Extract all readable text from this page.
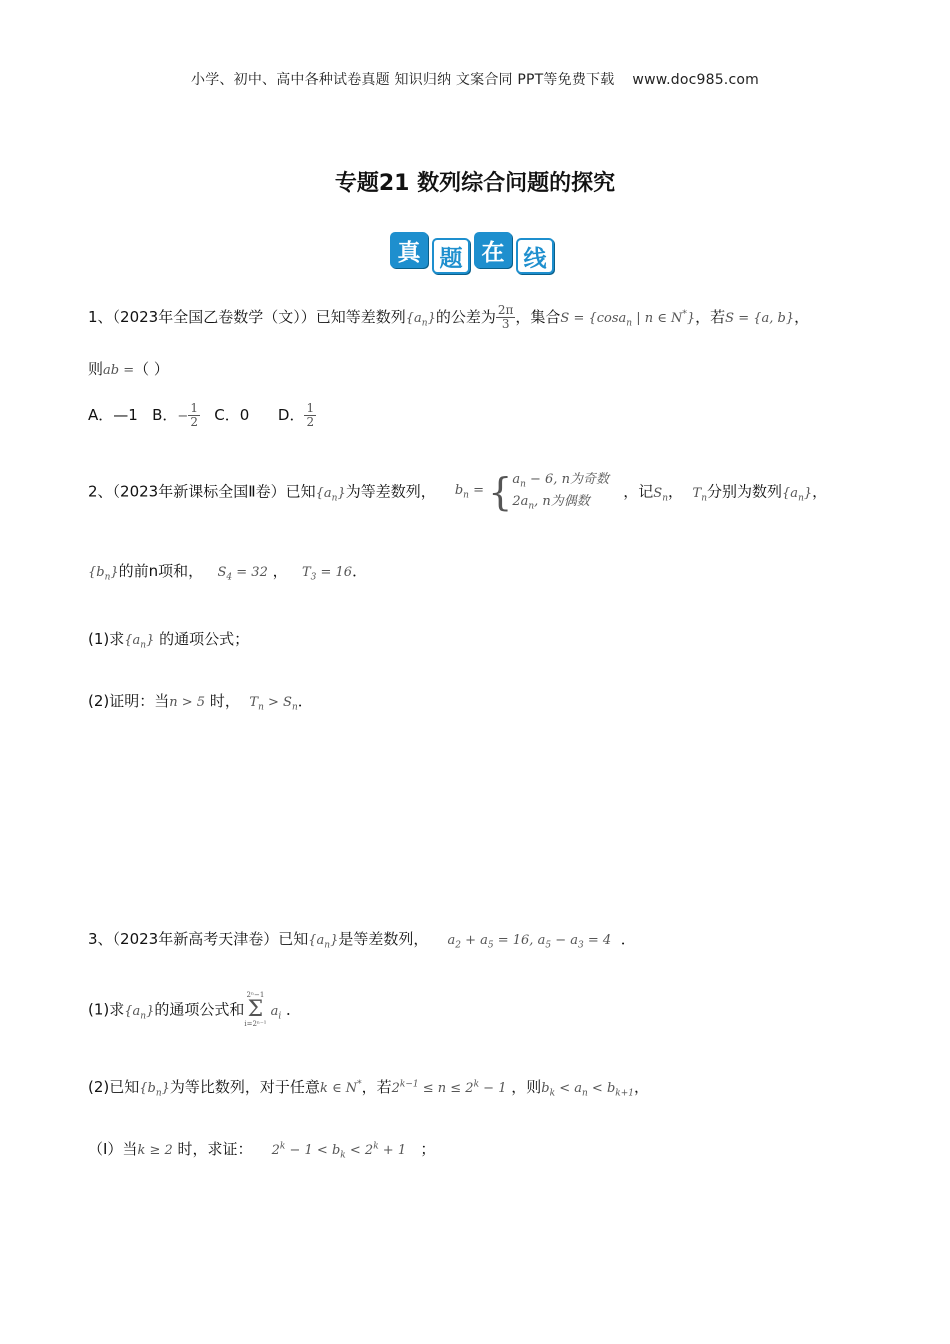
小学、初中、高中各种试卷真题 知识归纳 文案合同 PPT等免费下载 www.doc985.com
专题21 数列综合问题的探究
真 题 在 线
1、（2023年全国乙卷数学（文））已知等差数列$\{a_n\}$的公差为 $\frac{2\pi}{3}$ ，集合S = {cosa$_n$ | n ∈ N*}，若S = {a, b}，
则ab =（ ）
A．—1 B．− $\frac{1}{2}$ C．0 D． $\frac{1}{2}$
2、（2023年新课标全国Ⅱ卷）已知$\{a_n\}$为等差数列， $b_n$ = { $a_n - 6$, n为奇数
$2a_n$, n为偶数
，记$S_n$， $T_n$分别为数列$\{a_n\}$，
$\{b_n\}$的前n项和， $S_4 = 32$ ， $T_3 = 16$．
(1)求$\{a_n\}$ 的通项公式；
(2)证明：当n > 5 时， $T_n > S_n$．
3、（2023年新高考天津卷）已知$\{a_n\}$是等差数列， $a_2 + a_5 = 16$, $a_5 - a_3 = 4$ ．
(1)求$\{a_n\}$的通项公式和
2ⁿ−1
Σ
i=2ⁿ⁻¹
$a_i$ ．
(2)已知$\{b_n\}$为等比数列，对于任意k ∈ N*，若$2^{k-1} \le n \le 2^k - 1$ ，则$b_k < a_n < b_{k+1}$，
（Ⅰ）当k ≥ 2 时，求证： $2^k - 1 < b_k < 2^k + 1$ ；
